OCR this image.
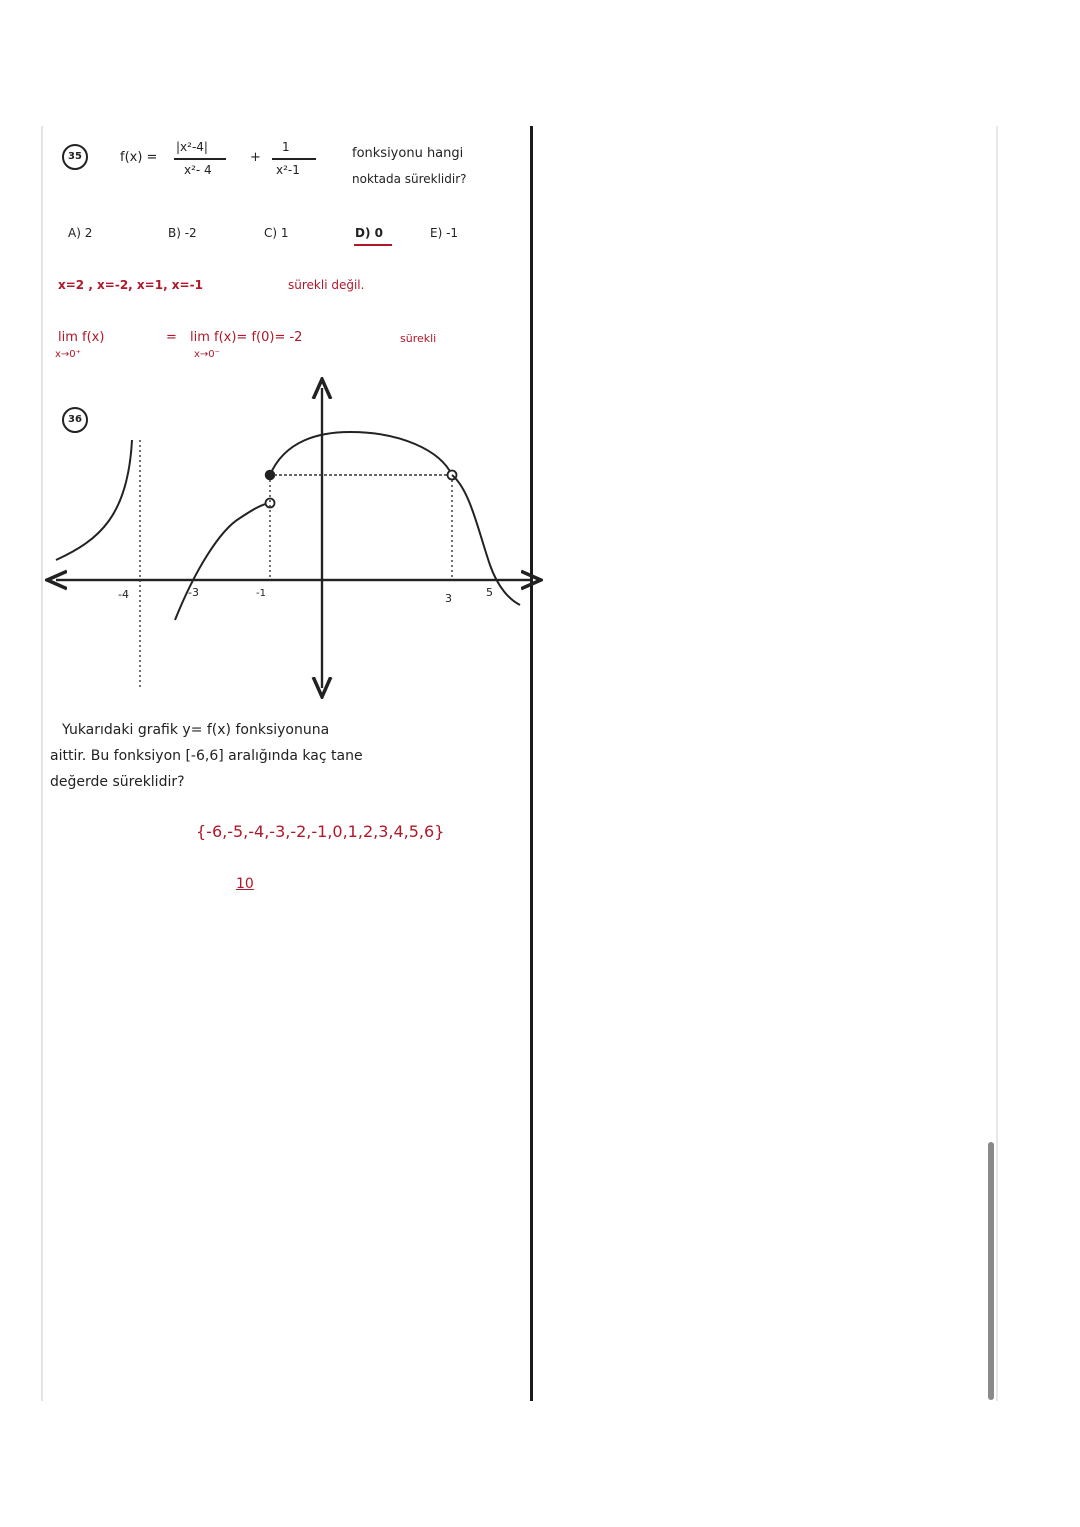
35	f(x) =
|x²-4|
x²- 4
+
1
x²-1
fonksiyonu hangi
noktada süreklidir?
A) 2	B) -2	C) 1	D) 0	E) -1
x=2 , x=-2, x=1, x=-1	sürekli değil.
lim f(x)
x→0⁺
= lim f(x)= f(0)= -2
x→0⁻
sürekli
36
-4	-3	-1	3	5
Yukarıdaki grafik y= f(x) fonksiyonuna
aittir. Bu fonksiyon [-6,6] aralığında kaç tane
değerde süreklidir?
{-6,-5,-4,-3,-2,-1,0,1,2,3,4,5,6}
10
